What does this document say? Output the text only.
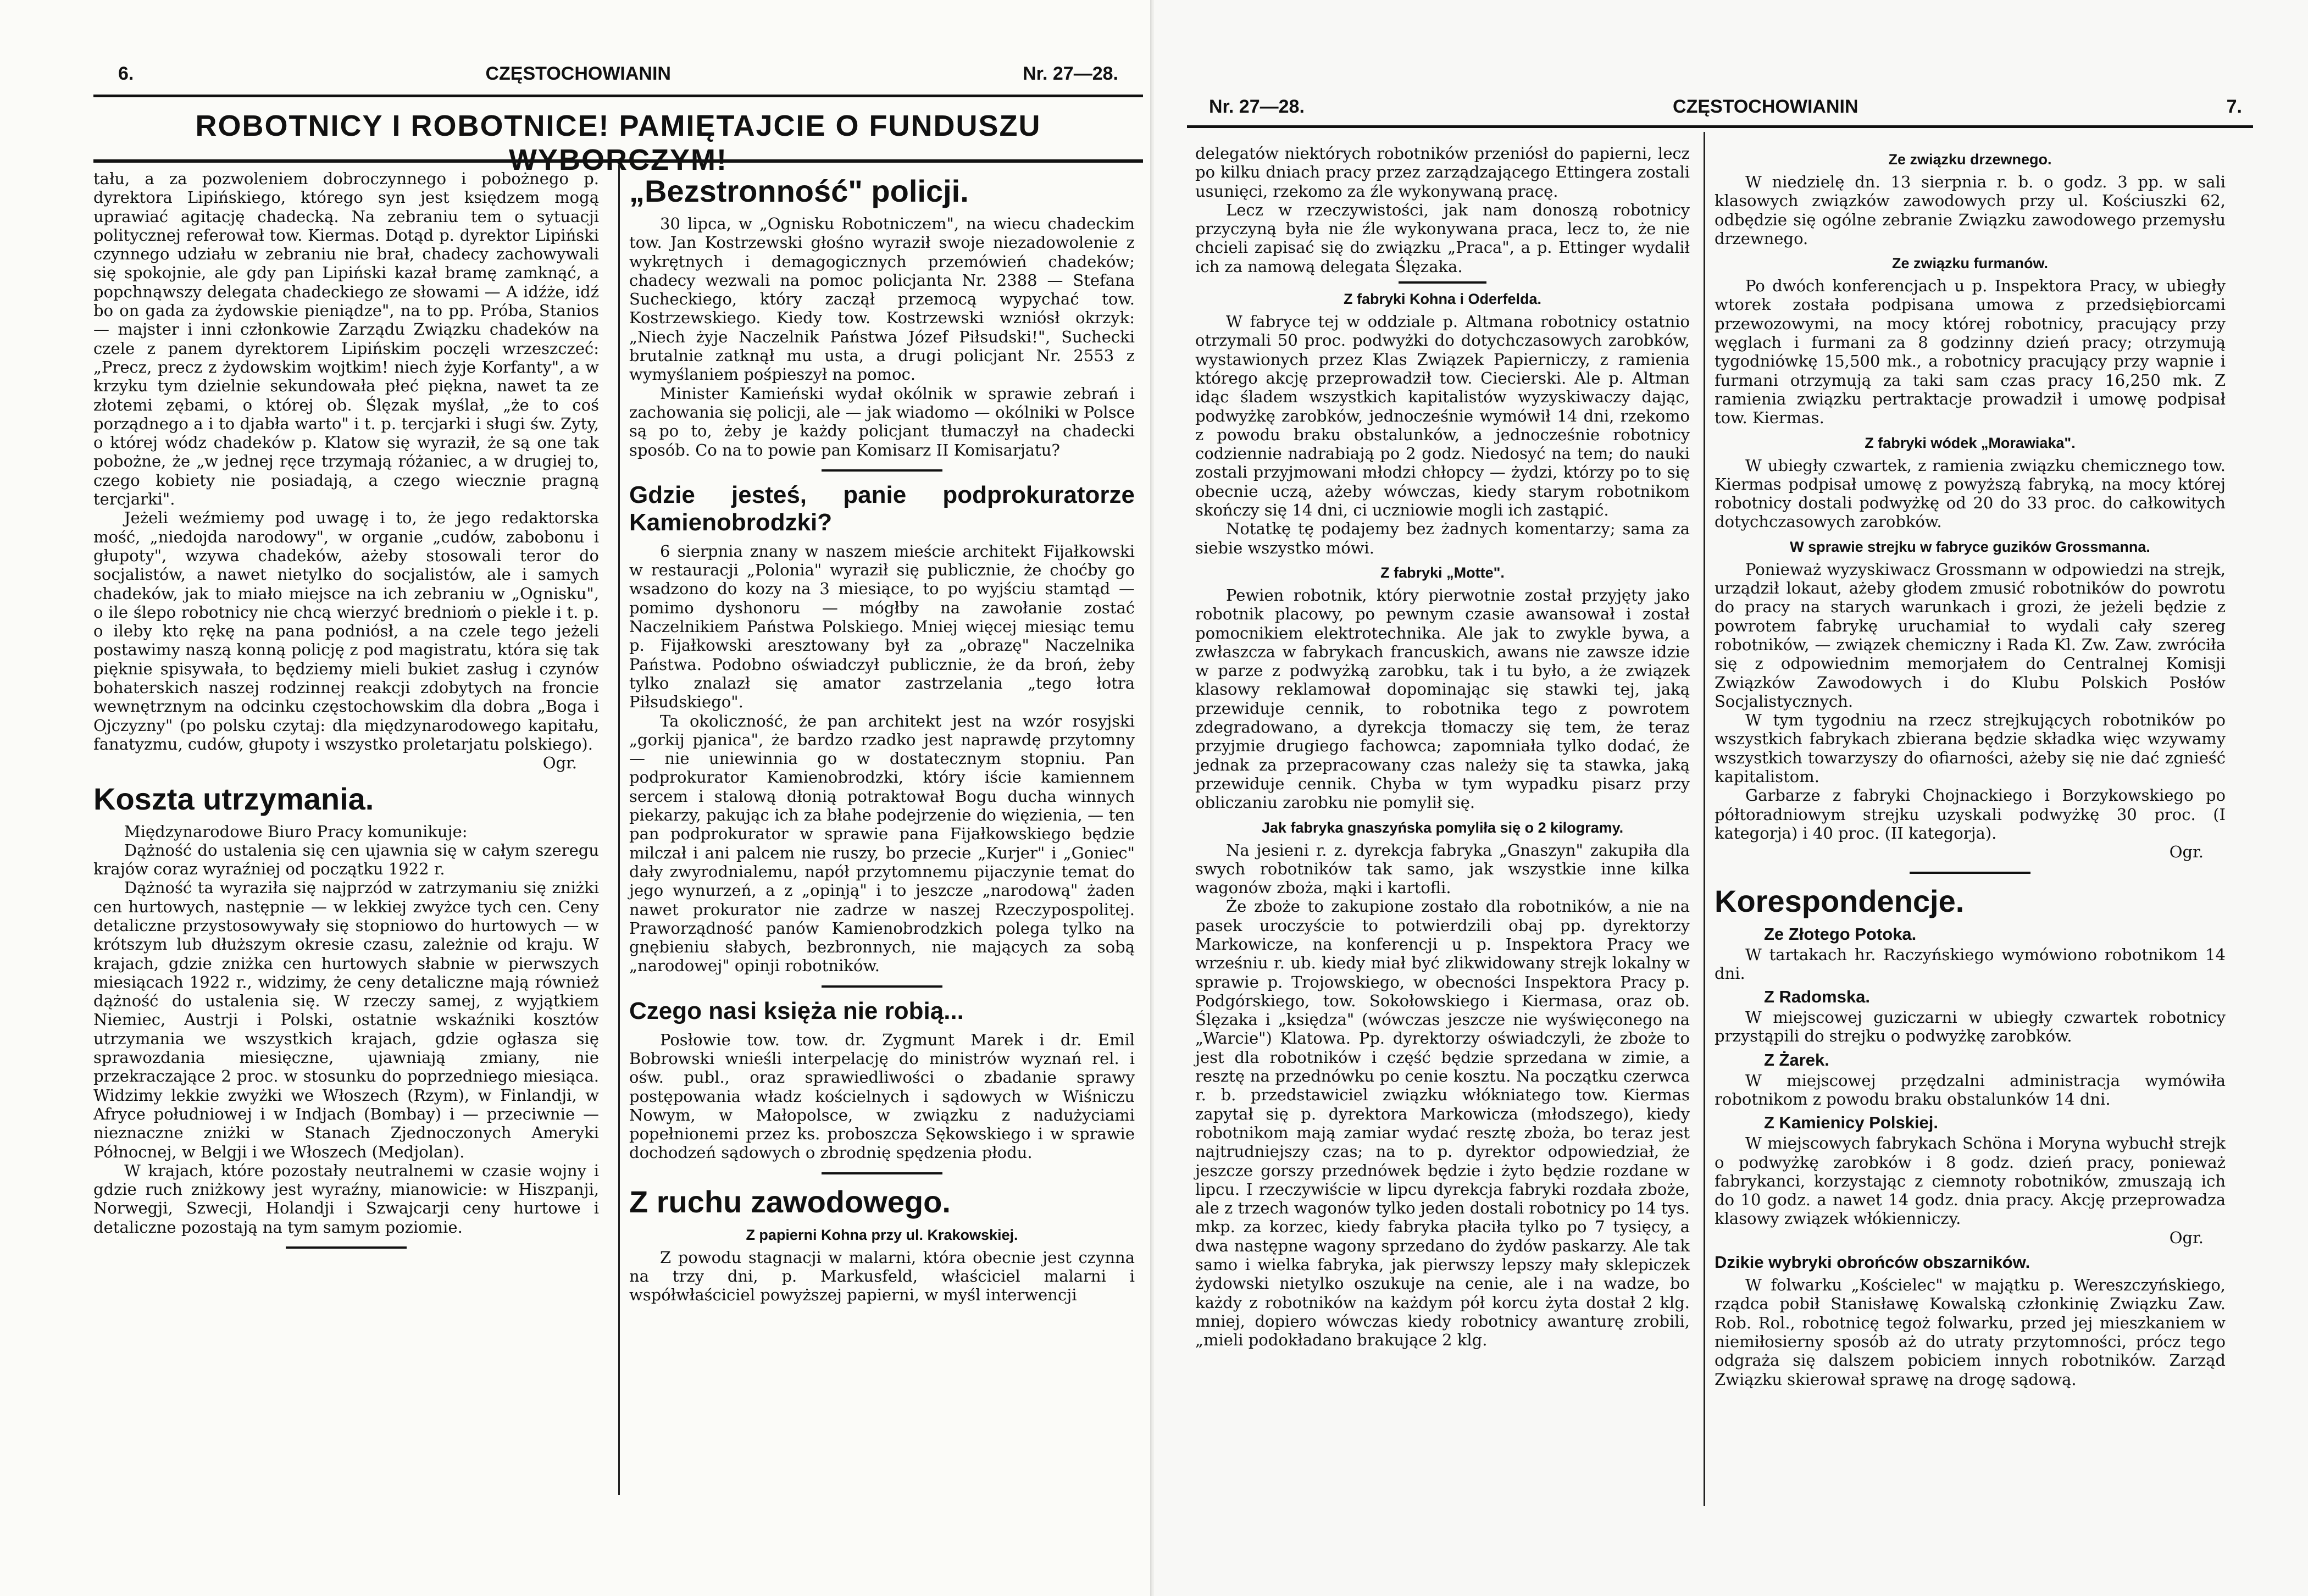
6.	CZĘSTOCHOWIANIN	Nr. 27—28.
ROBOTNICY I ROBOTNICE! PAMIĘTAJCIE O FUNDUSZU WYBORCZYM!

tału, a za pozwoleniem dobroczynnego i pobożnego p. dyrektora Lipińskiego, którego syn jest księdzem mogą uprawiać agitację chadecką. Na zebraniu tem o sytuacji politycznej referował tow. Kiermas. Dotąd p. dyrektor Lipiński czynnego udziału w zebraniu nie brał, chadecy zachowywali się spokojnie, ale gdy pan Lipiński kazał bramę zamknąć, a popchnąwszy delegata chadeckiego ze słowami — A idźże, idź bo on gada za żydowskie pieniądze", na to pp. Próba, Stanios — majster i inni członkowie Zarządu Związku chadeków na czele z panem dyrektorem Lipińskim poczęli wrzeszczeć: „Precz, precz z żydowskim wojtkim! niech żyje Korfanty", a w krzyku tym dzielnie sekundowała płeć piękna, nawet ta ze złotemi zębami, o której ob. Ślęzak myślał, „że to coś porządnego a i to djabła warto" i t. p. tercjarki i sługi św. Zyty, o której wódz chadeków p. Klatow się wyraził, że są one tak pobożne, że „w jednej ręce trzymają różaniec, a w drugiej to, czego kobiety nie posiadają, a czego wiecznie pragną tercjarki".

Jeżeli weźmiemy pod uwagę i to, że jego redaktorska mość, „niedojda narodowy", w organie „cudów, zabobonu i głupoty", wzywa chadeków, ażeby stosowali teror do socjalistów, a nawet nietylko do socjalistów, ale i samych chadeków, jak to miało miejsce na ich zebraniu w „Ognisku", o ile ślepo robotnicy nie chcą wierzyć brednioṁ o piekle i t. p. o ileby kto rękę na pana podniósł, a na czele tego jeżeli postawimy naszą konną policję z pod magistratu, która się tak pięknie spisywała, to będziemy mieli bukiet zasług i czynów bohaterskich naszej rodzinnej reakcji zdobytych na froncie wewnętrznym na odcinku częstochowskim dla dobra „Boga i Ojczyzny" (po polsku czytaj: dla międzynarodowego kapitału, fanatyzmu, cudów, głupoty i wszystko proletarjatu polskiego).

Ogr.

Koszta utrzymania.

Międzynarodowe Biuro Pracy komunikuje:

Dążność do ustalenia się cen ujawnia się w całym szeregu krajów coraz wyraźniej od początku 1922 r.

Dążność ta wyraziła się najprzód w zatrzymaniu się zniżki cen hurtowych, następnie — w lekkiej zwyżce tych cen. Ceny detaliczne przystosowywały się stopniowo do hurtowych — w krótszym lub dłuższym okresie czasu, zależnie od kraju. W krajach, gdzie zniżka cen hurtowych słabnie w pierwszych miesiącach 1922 r., widzimy, że ceny detaliczne mają również dążność do ustalenia się. W rzeczy samej, z wyjątkiem Niemiec, Austrji i Polski, ostatnie wskaźniki kosztów utrzymania we wszystkich krajach, gdzie ogłasza się sprawozdania miesięczne, ujawniają zmiany, nie przekraczające 2 proc. w stosunku do poprzedniego miesiąca. Widzimy lekkie zwyżki we Włoszech (Rzym), w Finlandji, w Afryce południowej i w Indjach (Bombay) i — przeciwnie — nieznaczne zniżki w Stanach Zjednoczonych Ameryki Północnej, w Belgji i we Włoszech (Medjolan).

W krajach, które pozostały neutralnemi w czasie wojny i gdzie ruch zniżkowy jest wyraźny, mianowicie: w Hiszpanji, Norwegji, Szwecji, Holandji i Szwajcarji ceny hurtowe i detaliczne pozostają na tym samym poziomie.

„Bezstronność" policji.

30 lipca, w „Ognisku Robotniczem", na wiecu chadeckim tow. Jan Kostrzewski głośno wyraził swoje niezadowolenie z wykrętnych i demagogicznych przemówień chadeków; chadecy wezwali na pomoc policjanta Nr. 2388 — Stefana Sucheckiego, który zaczął przemocą wypychać tow. Kostrzewskiego. Kiedy tow. Kostrzewski wzniósł okrzyk: „Niech żyje Naczelnik Państwa Józef Piłsudski!", Suchecki brutalnie zatknął mu usta, a drugi policjant Nr. 2553 z wymyślaniem pośpieszył na pomoc.

Minister Kamieński wydał okólnik w sprawie zebrań i zachowania się policji, ale — jak wiadomo — okólniki w Polsce są po to, żeby je każdy policjant tłumaczył na chadecki sposób. Co na to powie pan Komisarz II Komisarjatu?

Gdzie jesteś, panie podprokuratorze Kamienobrodzki?

6 sierpnia znany w naszem mieście architekt Fijałkowski w restauracji „Polonia" wyraził się publicznie, że choćby go wsadzono do kozy na 3 miesiące, to po wyjściu stamtąd — pomimo dyshonoru — mógłby na zawołanie zostać Naczelnikiem Państwa Polskiego. Mniej więcej miesiąc temu p. Fijałkowski aresztowany był za „obrazę" Naczelnika Państwa. Podobno oświadczył publicznie, że da broń, żeby tylko znalazł się amator zastrzelania „tego łotra Piłsudskiego".

Ta okoliczność, że pan architekt jest na wzór rosyjski „gorkij pjanica", że bardzo rzadko jest naprawdę przytomny — nie uniewinnia go w dostatecznym stopniu. Pan podprokurator Kamienobrodzki, który iście kamiennem sercem i stalową dłonią potraktował Bogu ducha winnych piekarzy, pakując ich za błahe podejrzenie do więzienia, — ten pan podprokurator w sprawie pana Fijałkowskiego będzie milczał i ani palcem nie ruszy, bo przecie „Kurjer" i „Goniec" dały zwyrodnialemu, napół przytomnemu pijaczynie temat do jego wynurzeń, a z „opinją" i to jeszcze „narodową" żaden nawet prokurator nie zadrze w naszej Rzeczypospolitej. Praworządność panów Kamienobrodzkich polega tylko na gnębieniu słabych, bezbronnych, nie mających za sobą „narodowej" opinji robotników.

Czego nasi księża nie robią...

Posłowie tow. tow. dr. Zygmunt Marek i dr. Emil Bobrowski wnieśli interpelację do ministrów wyznań rel. i ośw. publ., oraz sprawiedliwości o zbadanie sprawy postępowania władz kościelnych i sądowych w Wiśniczu Nowym, w Małopolsce, w związku z nadużyciami popełnionemi przez ks. proboszcza Sękowskiego i w sprawie dochodzeń sądowych o zbrodnię spędzenia płodu.

Z ruchu zawodowego.
Z papierni Kohna przy ul. Krakowskiej.

Z powodu stagnacji w malarni, która obecnie jest czynna na trzy dni, p. Markusfeld, właściciel malarni i współwłaściciel powyższej papierni, w myśl interwencji

Nr. 27—28.	CZĘSTOCHOWIANIN	7.

delegatów niektórych robotników przeniósł do papierni, lecz po kilku dniach pracy przez zarządzającego Ettingera zostali usunięci, rzekomo za źle wykonywaną pracę.

Lecz w rzeczywistości, jak nam donoszą robotnicy przyczyną była nie źle wykonywana praca, lecz to, że nie chcieli zapisać się do związku „Praca", a p. Ettinger wydalił ich za namową delegata Ślęzaka.

Z fabryki Kohna i Oderfelda.

W fabryce tej w oddziale p. Altmana robotnicy ostatnio otrzymali 50 proc. podwyżki do dotychczasowych zarobków, wystawionych przez Klas Związek Papierniczy, z ramienia którego akcję przeprowadził tow. Ciecierski. Ale p. Altman idąc śladem wszystkich kapitalistów wyzyskiwaczy dając, podwyżkę zarobków, jednocześnie wymówił 14 dni, rzekomo z powodu braku obstalunków, a jednocześnie robotnicy codziennie nadrabiają po 2 godz. Niedosyć na tem; do nauki zostali przyjmowani młodzi chłopcy — żydzi, którzy po to się obecnie uczą, ażeby wówczas, kiedy starym robotnikom skończy się 14 dni, ci uczniowie mogli ich zastąpić.

Notatkę tę podajemy bez żadnych komentarzy; sama za siebie wszystko mówi.

Z fabryki „Motte".

Pewien robotnik, który pierwotnie został przyjęty jako robotnik placowy, po pewnym czasie awansował i został pomocnikiem elektrotechnika. Ale jak to zwykle bywa, a zwłaszcza w fabrykach francuskich, awans nie zawsze idzie w parze z podwyżką zarobku, tak i tu było, a że związek klasowy reklamował dopominając się stawki tej, jaką przewiduje cennik, to robotnika tego z powrotem zdegradowano, a dyrekcja tłomaczy się tem, że teraz przyjmie drugiego fachowca; zapomniała tylko dodać, że jednak za przepracowany czas należy się ta stawka, jaką przewiduje cennik. Chyba w tym wypadku pisarz przy obliczaniu zarobku nie pomylił się.

Jak fabryka gnaszyńska pomyliła się o 2 kilogramy.

Na jesieni r. z. dyrekcja fabryka „Gnaszyn" zakupiła dla swych robotników tak samo, jak wszystkie inne kilka wagonów zboża, mąki i kartofli.

Że zboże to zakupione zostało dla robotników, a nie na pasek uroczyście to potwierdzili obaj pp. dyrektorzy Markowicze, na konferencji u p. Inspektora Pracy we wrześniu r. ub. kiedy miał być zlikwidowany strejk lokalny w sprawie p. Trojowskiego, w obecności Inspektora Pracy p. Podgórskiego, tow. Sokołowskiego i Kiermasa, oraz ob. Ślęzaka i „księdza" (wówczas jeszcze nie wyświęconego na „Warcie") Klatowa. Pp. dyrektorzy oświadczyli, że zboże to jest dla robotników i część będzie sprzedana w zimie, a resztę na przednówku po cenie kosztu. Na początku czerwca r. b. przedstawiciel związku włókniatego tow. Kiermas zapytał się p. dyrektora Markowicza (młodszego), kiedy robotnikom mają zamiar wydać resztę zboża, bo teraz jest najtrudniejszy czas; na to p. dyrektor odpowiedział, że jeszcze gorszy przednówek będzie i żyto będzie rozdane w lipcu. I rzeczywiście w lipcu dyrekcja fabryki rozdała zboże, ale z trzech wagonów tylko jeden dostali robotnicy po 14 tys. mkp. za korzec, kiedy fabryka płaciła tylko po 7 tysięcy, a dwa następne wagony sprzedano do żydów paskarzy. Ale tak samo i wielka fabryka, jak pierwszy lepszy mały sklepiczek żydowski nietylko oszukuje na cenie, ale i na wadze, bo każdy z robotników na każdym pół korcu żyta dostał 2 klg. mniej, dopiero wówczas kiedy robotnicy awanturę zrobili, „mieli podokładano brakujące 2 klg.

Ze związku drzewnego.

W niedzielę dn. 13 sierpnia r. b. o godz. 3 pp. w sali klasowych związków zawodowych przy ul. Kościuszki 62, odbędzie się ogólne zebranie Związku zawodowego przemysłu drzewnego.

Ze związku furmanów.

Po dwóch konferencjach u p. Inspektora Pracy, w ubiegły wtorek została podpisana umowa z przedsiębiorcami przewozowymi, na mocy której robotnicy, pracujący przy węglach i furmani za 8 godzinny dzień pracy; otrzymują tygodniówkę 15,500 mk., a robotnicy pracujący przy wapnie i furmani otrzymują za taki sam czas pracy 16,250 mk. Z ramienia związku pertraktacje prowadził i umowę podpisał tow. Kiermas.

Z fabryki wódek „Morawiaka".

W ubiegły czwartek, z ramienia związku chemicznego tow. Kiermas podpisał umowę z powyższą fabryką, na mocy której robotnicy dostali podwyżkę od 20 do 33 proc. do całkowitych dotychczasowych zarobków.

W sprawie strejku w fabryce guzików Grossmanna.

Ponieważ wyzyskiwacz Grossmann w odpowiedzi na strejk, urządził lokaut, ażeby głodem zmusić robotników do powrotu do pracy na starych warunkach i grozi, że jeżeli będzie z powrotem fabrykę uruchamiał to wydali cały szereg robotników, — związek chemiczny i Rada Kl. Zw. Zaw. zwróciła się z odpowiednim memorjałem do Centralnej Komisji Związków Zawodowych i do Klubu Polskich Posłów Socjalistycznych.

W tym tygodniu na rzecz strejkujących robotników po wszystkich fabrykach zbierana będzie składka więc wzywamy wszystkich towarzyszy do ofiarności, ażeby się nie dać zgnieść kapitalistom.

Garbarze z fabryki Chojnackiego i Borzykowskiego po półtoradniowym strejku uzyskali podwyżkę 30 proc. (I kategorja) i 40 proc. (II kategorja).

Ogr.

Korespondencje.
Ze Złotego Potoka.

W tartakach hr. Raczyńskiego wymówiono robotnikom 14 dni.

Z Radomska.

W miejscowej guziczarni w ubiegły czwartek robotnicy przystąpili do strejku o podwyżkę zarobków.

Z Żarek.

W miejscowej przędzalni administracja wymówiła robotnikom z powodu braku obstalunków 14 dni.

Z Kamienicy Polskiej.

W miejscowych fabrykach Schöna i Moryna wybuchł strejk o podwyżkę zarobków i 8 godz. dzień pracy, ponieważ fabrykanci, korzystając z ciemnoty robotników, zmuszają ich do 10 godz. a nawet 14 godz. dnia pracy. Akcję przeprowadza klasowy związek włókienniczy.

Ogr.

Dzikie wybryki obrońców obszarników.

W folwarku „Kościelec" w majątku p. Wereszczyńskiego, rządca pobił Stanisławę Kowalską członkinię Związku Zaw. Rob. Rol., robotnicę tegoż folwarku, przed jej mieszkaniem w niemiłosierny sposób aż do utraty przytomności, prócz tego odgraża się dalszem pobiciem innych robotników. Zarząd Związku skierował sprawę na drogę sądową.
